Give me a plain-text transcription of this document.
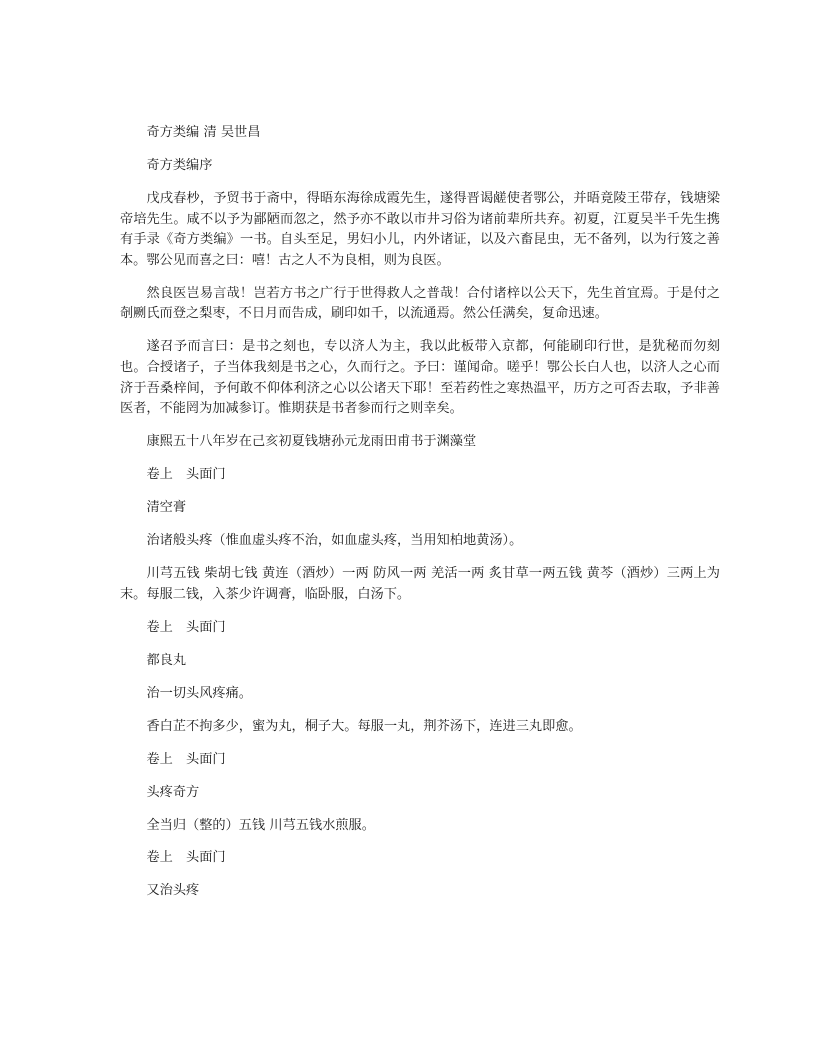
奇方类编 清 吴世昌

奇方类编序

戊戌春杪，予贸书于斋中，得晤东海徐成霞先生，遂得晋谒鹾使者鄂公，并晤竟陵王带存，钱塘梁帝培先生。咸不以予为鄙陋而忽之，然予亦不敢以市井习俗为诸前辈所共弃。初夏，江夏吴半千先生携有手录《奇方类编》一书。自头至足，男妇小儿，内外诸证，以及六畜昆虫，无不备列，以为行笈之善本。鄂公见而喜之曰：嘻！古之人不为良相，则为良医。

然良医岂易言哉！岂若方书之广行于世得救人之普哉！合付诸梓以公天下，先生首宜焉。于是付之剞劂氏而登之梨枣，不日月而告成，刷印如千，以流通焉。然公任满矣，复命迅速。

遂召予而言曰：是书之刻也，专以济人为主，我以此板带入京都，何能刷印行世，是犹秘而勿刻也。合授诸子，子当体我刻是书之心，久而行之。予曰：谨闻命。嗟乎！鄂公长白人也，以济人之心而济于吾桑梓间，予何敢不仰体利济之心以公诸天下耶！至若药性之寒热温平，历方之可否去取，予非善医者，不能罔为加减参订。惟期获是书者参而行之则幸矣。

康熙五十八年岁在己亥初夏钱塘孙元龙雨田甫书于渊藻堂

卷上　头面门

清空膏

治诸般头疼（惟血虚头疼不治，如血虚头疼，当用知柏地黄汤）。

川芎五钱 柴胡七钱 黄连（酒炒）一两 防风一两 羌活一两 炙甘草一两五钱 黄芩（酒炒）三两上为末。每服二钱，入茶少许调膏，临卧服，白汤下。

卷上　头面门

都良丸

治一切头风疼痛。

香白芷不拘多少，蜜为丸，桐子大。每服一丸，荆芥汤下，连进三丸即愈。

卷上　头面门

头疼奇方

全当归（整的）五钱 川芎五钱水煎服。

卷上　头面门

又治头疼
